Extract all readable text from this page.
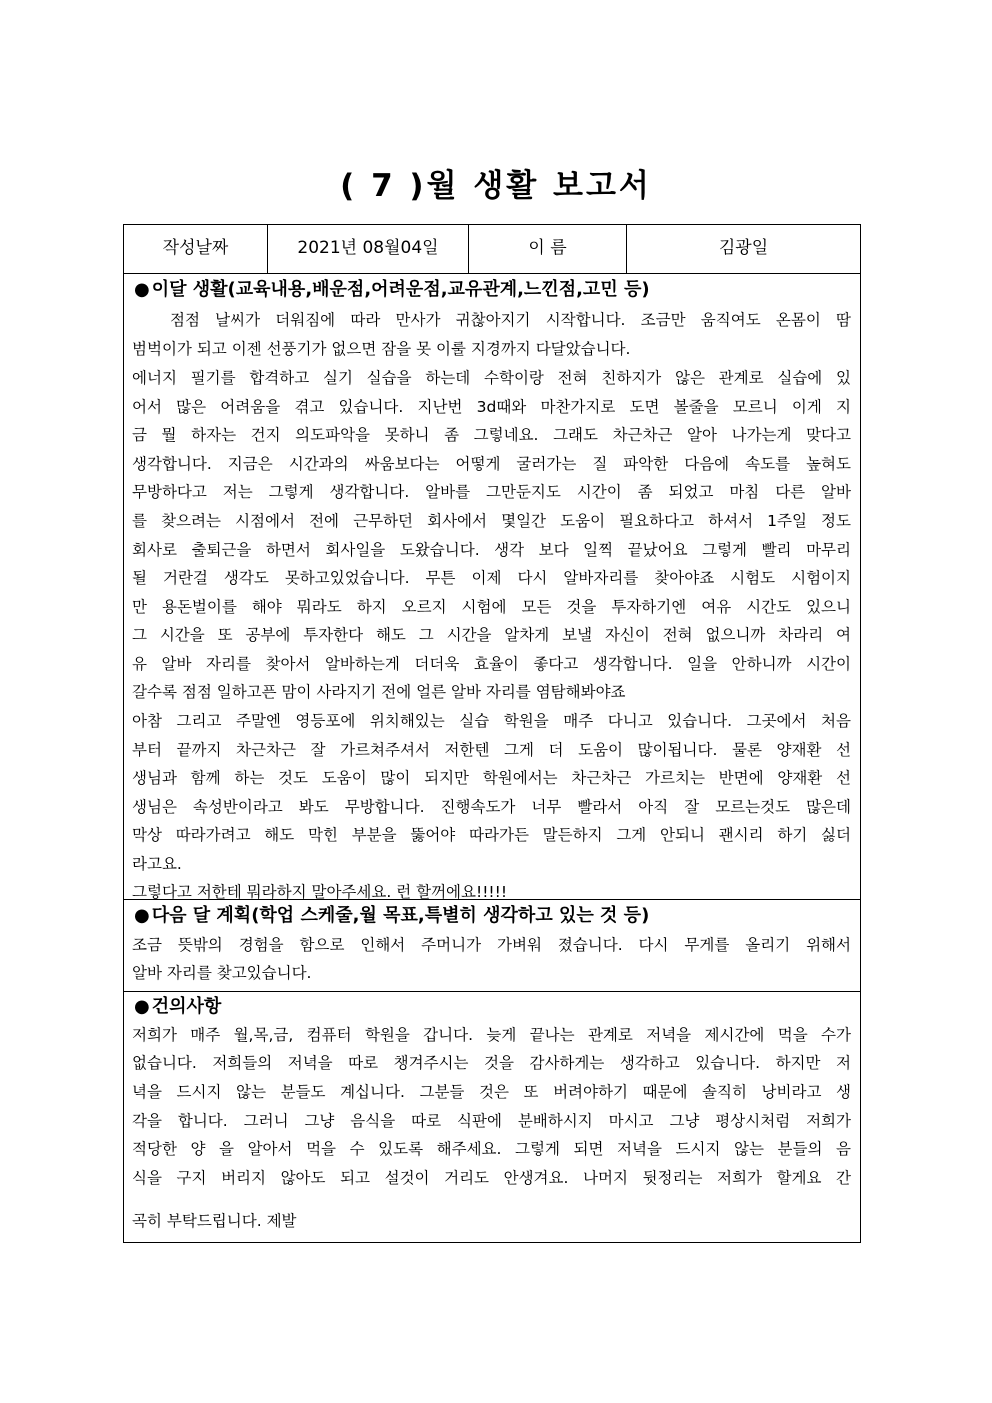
( 7 )월 생활 보고서
작성날짜	2021년 08월04일	이 름	김광일
● 이달 생활(교육내용,배운점,어려운점,교유관계,느낀점,고민 등)
점점 날씨가 더워짐에 따라 만사가 귀찮아지기 시작합니다. 조금만 움직여도 온몸이 땀
범벅이가 되고 이젠 선풍기가 없으면 잠을 못 이룰 지경까지 다달았습니다.
에너지 필기를 합격하고 실기 실습을 하는데 수학이랑 전혀 친하지가 않은 관계로 실습에 있
어서 많은 어려움을 겪고 있습니다. 지난번 3d때와 마찬가지로 도면 볼줄을 모르니 이게 지
금 뭘 하자는 건지 의도파악을 못하니 좀 그렇네요. 그래도 차근차근 알아 나가는게 맞다고
생각합니다. 지금은 시간과의 싸움보다는 어떻게 굴러가는 질 파악한 다음에 속도를 높혀도
무방하다고 저는 그렇게 생각합니다. 알바를 그만둔지도 시간이 좀 되었고 마침 다른 알바
를 찾으려는 시점에서 전에 근무하던 회사에서 몇일간 도움이 필요하다고 하셔서 1주일 정도
회사로 출퇴근을 하면서 회사일을 도왔습니다. 생각 보다 일찍 끝났어요 그렇게 빨리 마무리
될 거란걸 생각도 못하고있었습니다. 무튼 이제 다시 알바자리를 찾아야죠 시험도 시험이지
만 용돈벌이를 해야 뭐라도 하지 오르지 시험에 모든 것을 투자하기엔 여유 시간도 있으니
그 시간을 또 공부에 투자한다 해도 그 시간을 알차게 보낼 자신이 전혀 없으니까 차라리 여
유 알바 자리를 찾아서 알바하는게 더더욱 효율이 좋다고 생각합니다. 일을 안하니까 시간이
갈수록 점점 일하고픈 맘이 사라지기 전에 얼른 알바 자리를 염탐해봐야죠
아참 그리고 주말엔 영등포에 위치해있는 실습 학원을 매주 다니고 있습니다. 그곳에서 처음
부터 끝까지 차근차근 잘 가르쳐주셔서 저한텐 그게 더 도움이 많이됩니다. 물론 양재환 선
생님과 함께 하는 것도 도움이 많이 되지만 학원에서는 차근차근 가르치는 반면에 양재환 선
생님은 속성반이라고 봐도 무방합니다. 진행속도가 너무 빨라서 아직 잘 모르는것도 많은데
막상 따라가려고 해도 막힌 부분을 뚫어야 따라가든 말든하지 그게 안되니 괜시리 하기 싫더
라고요.
그렇다고 저한테 뭐라하지 말아주세요. 런 할꺼에요!!!!!
● 다음 달 계획(학업 스케줄,월 목표,특별히 생각하고 있는 것 등)
조금 뜻밖의 경험을 함으로 인해서 주머니가 가벼워 졌습니다. 다시 무게를 올리기 위해서
알바 자리를 찾고있습니다.
● 건의사항
저희가 매주 월,목,금, 컴퓨터 학원을 갑니다. 늦게 끝나는 관계로 저녁을 제시간에 먹을 수가
없습니다. 저희들의 저녁을 따로 챙겨주시는 것을 감사하게는 생각하고 있습니다. 하지만 저
녁을 드시지 않는 분들도 계십니다. 그분들 것은 또 버려야하기 때문에 솔직히 낭비라고 생
각을 합니다. 그러니 그냥 음식을 따로 식판에 분배하시지 마시고 그냥 평상시처럼 저희가
적당한 양 을 알아서 먹을 수 있도록 해주세요. 그렇게 되면 저녁을 드시지 않는 분들의 음
식을 구지 버리지 않아도 되고 설것이 거리도 안생겨요. 나머지 뒷정리는 저희가 할게요 간
곡히 부탁드립니다. 제발
